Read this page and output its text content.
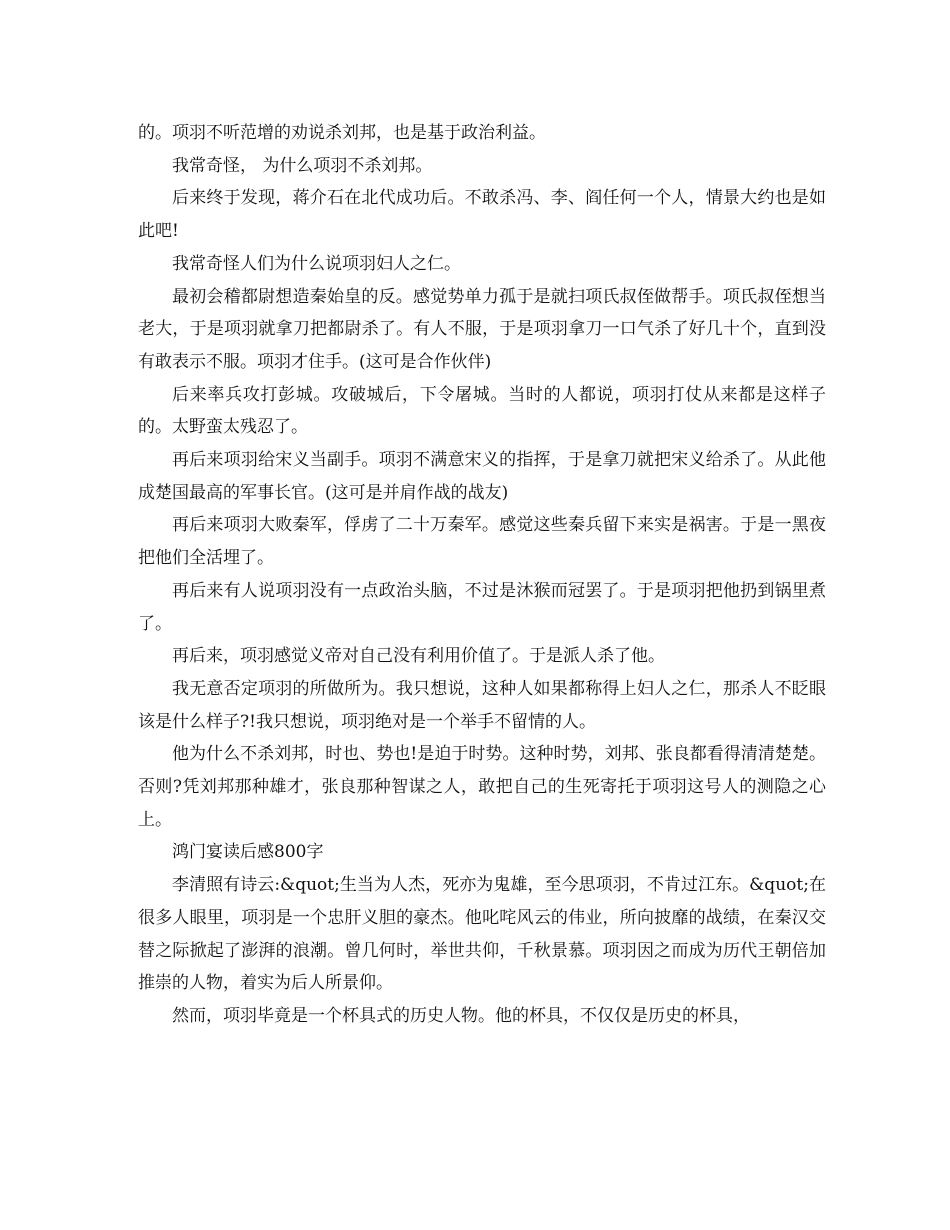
的。项羽不听范增的劝说杀刘邦，也是基于政治利益。

我常奇怪， 为什么项羽不杀刘邦。

后来终于发现，蒋介石在北代成功后。不敢杀冯、李、阎任何一个人，情景大约也是如此吧!

我常奇怪人们为什么说项羽妇人之仁。

最初会稽都尉想造秦始皇的反。感觉势单力孤于是就扫项氏叔侄做帮手。项氏叔侄想当老大，于是项羽就拿刀把都尉杀了。有人不服，于是项羽拿刀一口气杀了好几十个，直到没有敢表示不服。项羽才住手。(这可是合作伙伴)

后来率兵攻打彭城。攻破城后，下令屠城。当时的人都说，项羽打仗从来都是这样子的。太野蛮太残忍了。

再后来项羽给宋义当副手。项羽不满意宋义的指挥，于是拿刀就把宋义给杀了。从此他成楚国最高的军事长官。(这可是并肩作战的战友)

再后来项羽大败秦军，俘虏了二十万秦军。感觉这些秦兵留下来实是祸害。于是一黑夜把他们全活埋了。

再后来有人说项羽没有一点政治头脑，不过是沐猴而冠罢了。于是项羽把他扔到锅里煮了。

再后来，项羽感觉义帝对自己没有利用价值了。于是派人杀了他。

我无意否定项羽的所做所为。我只想说，这种人如果都称得上妇人之仁，那杀人不眨眼该是什么样子?!我只想说，项羽绝对是一个举手不留情的人。

他为什么不杀刘邦，时也、势也!是迫于时势。这种时势，刘邦、张良都看得清清楚楚。否则?凭刘邦那种雄才，张良那种智谋之人，敢把自己的生死寄托于项羽这号人的测隐之心上。

鸿门宴读后感800字

李清照有诗云:&quot;生当为人杰，死亦为鬼雄，至今思项羽，不肯过江东。&quot;在很多人眼里，项羽是一个忠肝义胆的豪杰。他叱咤风云的伟业，所向披靡的战绩，在秦汉交替之际掀起了澎湃的浪潮。曾几何时，举世共仰，千秋景慕。项羽因之而成为历代王朝倍加推崇的人物，着实为后人所景仰。

然而，项羽毕竟是一个杯具式的历史人物。他的杯具，不仅仅是历史的杯具，
